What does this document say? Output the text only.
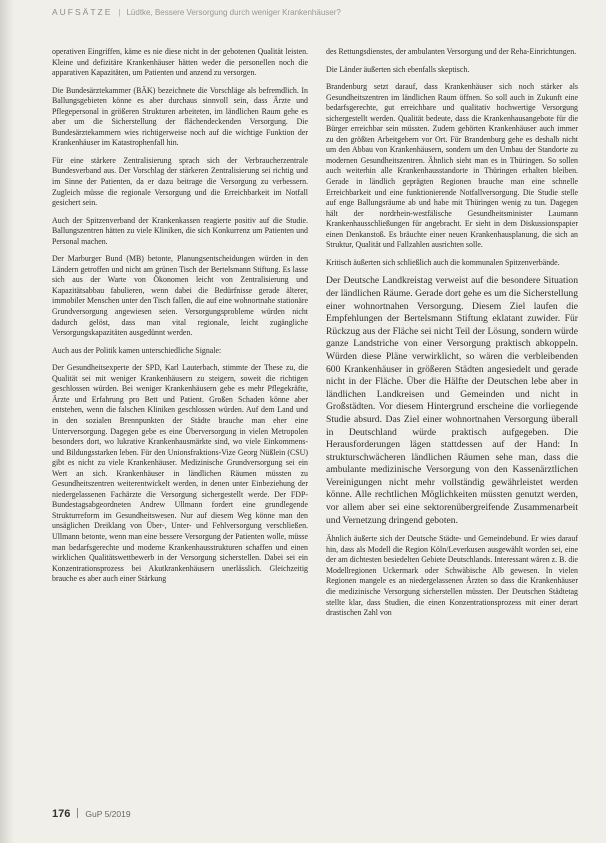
AUFSÄTZE | Lüdtke, Bessere Versorgung durch weniger Krankenhäuser?

operativen Eingriffen, käme es nie diese nicht in der gebotenen Qualität leisten. Kleine und defizitäre Krankenhäuser hätten weder die personellen noch die apparativen Kapazitäten, um Patienten und anzend zu versorgen.

Die Bundesärztekammer (BÄK) bezeichnete die Vorschläge als befremdlich. In Ballungsgebieten könne es aber durchaus sinnvoll sein, dass Ärzte und Pflegepersonal in größeren Strukturen arbeiteten, im ländlichen Raum gehe es aber um die Sicherstellung der flächendeckenden Versorgung. Die Bundesärztekammern wies richtigerweise noch auf die wichtige Funktion der Krankenhäuser im Katastrophenfall hin.

Für eine stärkere Zentralisierung sprach sich der Verbraucherzentrale Bundesverband aus. Der Vorschlag der stärkeren Zentralisierung sei richtig und im Sinne der Patienten, da er dazu beitrage die Versorgung zu verbessern. Zugleich müsse die regionale Versorgung und die Erreichbarkeit im Notfall gesichert sein.

Auch der Spitzenverband der Krankenkassen reagierte positiv auf die Studie. Ballungszentren hätten zu viele Kliniken, die sich Konkurrenz um Patienten und Personal machen.

Der Marburger Bund (MB) betonte, Planungsentscheidungen würden in den Ländern getroffen und nicht am grünen Tisch der Bertelsmann Stiftung. Es lasse sich aus der Warte von Ökonomen leicht von Zentralisierung und Kapazitätsabbau fabulieren, wenn dabei die Bedürfnisse gerade älterer, immobiler Menschen unter den Tisch fallen, die auf eine wohnortnahe stationäre Grundversorgung angewiesen seien. Versorgungsprobleme würden nicht dadurch gelöst, dass man vital regionale, leicht zugängliche Versorgungskapazitäten ausgedünnt werden.

Auch aus der Politik kamen unterschiedliche Signale:

Der Gesundheitsexperte der SPD, Karl Lauterbach, stimmte der These zu, die Qualität sei mit weniger Krankenhäusern zu steigern, soweit die richtigen geschlossen würden. Bei weniger Krankenhäusern gebe es mehr Pflegekräfte, Ärzte und Erfahrung pro Bett und Patient. Großen Schaden könne aber entstehen, wenn die falschen Kliniken geschlossen würden. Auf dem Land und in den sozialen Brennpunkten der Städte brauche man eher eine Unterversorgung. Dagegen gebe es eine Überversorgung in vielen Metropolen besonders dort, wo lukrative Krankenhausmärkte sind, wo viele Einkommens- und Bildungsstarken leben. Für den Unionsfraktions-Vize Georg Nüßlein (CSU) gibt es nicht zu viele Krankenhäuser. Medizinische Grundversorgung sei ein Wert an sich. Krankenhäuser in ländlichen Räumen müssten zu Gesundheitszentren weiterentwickelt werden, in denen unter Einbeziehung der niedergelassenen Fachärzte die Versorgung sichergestellt werde. Der FDP-Bundestagsabgeordneten Andrew Ullmann fordert eine grundlegende Strukturreform im Gesundheitswesen. Nur auf diesem Weg könne man den unsäglichen Dreiklang von Über-, Unter- und Fehlversorgung verschließen. Ullmann betonte, wenn man eine bessere Versorgung der Patienten wolle, müsse man bedarfsgerechte und moderne Krankenhausstrukturen schaffen und einen wirklichen Qualitätswettbewerb in der Versorgung sicherstellen. Dabei sei ein Konzentrationsprozess bei Akutkrankenhäusern unerlässlich. Gleichzeitig brauche es aber auch einer Stärkung

des Rettungsdienstes, der ambulanten Versorgung und der Reha-Einrichtungen.

Die Länder äußerten sich ebenfalls skeptisch.

Brandenburg setzt darauf, dass Krankenhäuser sich noch stärker als Gesundheitszentren im ländlichen Raum öffnen. So soll auch in Zukunft eine bedarfsgerechte, gut erreichbare und qualitativ hochwertige Versorgung sichergestellt werden. Qualität bedeute, dass die Krankenhausangebote für die Bürger erreichbar sein müssten. Zudem gehörten Krankenhäuser auch immer zu den größten Arbeitgebern vor Ort. Für Brandenburg gehe es deshalb nicht um den Abbau von Krankenhäusern, sondern um den Umbau der Standorte zu modernen Gesundheitszentren. Ähnlich sieht man es in Thüringen. So sollen auch weiterhin alle Krankenhausstandorte in Thüringen erhalten bleiben. Gerade in ländlich geprägten Regionen brauche man eine schnelle Erreichbarkeit und eine funktionierende Notfallversorgung. Die Studie stelle auf enge Ballungsräume ab und habe mit Thüringen wenig zu tun. Dagegen hält der nordrhein-westfälische Gesundheitsminister Laumann Krankenhausschließungen für angebracht. Er sieht in dem Diskussionspapier einen Denkanstoß. Es bräuchte einer neuen Krankenhausplanung, die sich an Struktur, Qualität und Fallzahlen ausrichten solle.

Kritisch äußerten sich schließlich auch die kommunalen Spitzenverbände.

Der Deutsche Landkreistag verweist auf die besondere Situation der ländlichen Räume. Gerade dort gehe es um die Sicherstellung einer wohnortnahen Versorgung. Diesem Ziel laufen die Empfehlungen der Bertelsmann Stiftung eklatant zuwider. Für Rückzug aus der Fläche sei nicht Teil der Lösung, sondern würde ganze Landstriche von einer Versorgung praktisch abkoppeln. Würden diese Pläne verwirklicht, so wären die verbleibenden 600 Krankenhäuser in größeren Städten angesiedelt und gerade nicht in der Fläche. Über die Hälfte der Deutschen lebe aber in ländlichen Landkreisen und Gemeinden und nicht in Großstädten. Vor diesem Hintergrund erscheine die vorliegende Studie absurd. Das Ziel einer wohnortnahen Versorgung überall in Deutschland würde praktisch aufgegeben. Die Herausforderungen lägen stattdessen auf der Hand: In strukturschwächeren ländlichen Räumen sehe man, dass die ambulante medizinische Versorgung von den Kassenärztlichen Vereinigungen nicht mehr vollständig gewährleistet werden könne. Alle rechtlichen Möglichkeiten müssten genutzt werden, vor allem aber sei eine sektorenübergreifende Zusammenarbeit und Vernetzung dringend geboten.

Ähnlich äußerte sich der Deutsche Städte- und Gemeindebund. Er wies darauf hin, dass als Modell die Region Köln/Leverkusen ausgewählt worden sei, eine der am dichtesten besiedelten Gebiete Deutschlands. Interessant wären z. B. die Modellregionen Uckermark oder Schwäbische Alb gewesen. In vielen Regionen mangele es an niedergelassenen Ärzten so dass die Krankenhäuser die medizinische Versorgung sicherstellen müssten. Der Deutschen Städtetag stellte klar, dass Studien, die einen Konzentrationsprozess mit einer derart drastischen Zahl von

176 GuP 5/2019
